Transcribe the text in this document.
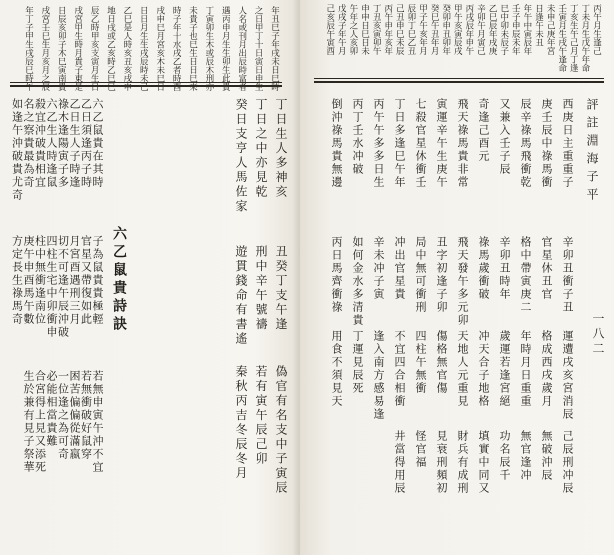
年丑巳子年戌未日巳時
之日甲丁十日寅日申生
人名或刊月出辰時富者
遇丙申月生生卯生此貴
丁寅卯生木或辰木刑亦
未貴子也巳生日日巳來
時子年十水戌乙者時酉
戌申巳月宮亥木未巳日
日日月生生戌辰時未己
乙巳是人時亥丑亥戌申
地日戌或乙亥時乙巳巳
辰乙時甲亥支寅月生日
戌宮甲生時月貴子東是
日辰亥卯子木巳寅南貴
戌宮壬巳生月亥月之辰
年丁子甲生戌辰巳時午
丁日生人多神亥
丁日之中亦見乾
癸日支亨人馬佐家
丑癸丁支午逢
刑中辛午號禱
遊貫錢命有書遙
偽官有名支中子寅辰
若有寅午辰己卯
秦秋丙吉冬辰冬月
六乙鼠貴詩訣
六乙鼠貴在其時
乙日須逢丙子時
乙日生人子時逢
祿木逢陽寅子多
六乙生人時逢鼠
殺宜沖破貴相宜
名之察貴最為奇
如逢午沖破貴尤奇
子為鼠貴貴極輕
官星又帶復如此
月宮酉遇刑三月
切不可逢午辰沖破
四柱生宅中卯衝申
柱中無衝逢南位
庚午申酉馬午數
方定長生祿馬奇
若無申寅午沖不宜
若無衝破好鼠穿
困苦偏偏從滿嬴
一位逢之為可奇
必能相當貴難
合宮得上見又添死
生於兼有見子祭華
丙午月生逢己
丁未月生戊午年命
丁亥生午己月丁逢
壬寅月生戌午逢命
未申己庚年宮
日逢午未丑
年午中寅辰年
壬子申辰未年
巳中卯未辰子
乙巳辰年戌庚
辛卯午月寅己
丙戌辰年申午
甲午亥寅辰戌
癸卯申丑卯年
癸巳午丑年月
甲子午亥年月
辰卯丁巳乙丑
己丑申巳未辰
丙午申年亥年
丁丑亥寅卯午
申申日巳日未
午年之人亥卯
戊戌子年午月
己亥辰午寅酉
評註淵海子平
西庚日主重重子
庚壬辰中祿馬衝
辰辛祿馬飛衝乾
又兼入壬子辰
奇逢己酉元
飛天祿馬貴非常
寅運辛午生庚午
七殺官星休衝壬
丁日多逢巳午年
丙午午多多日生
丙丁壬水冲破
倒沖祿馬貴無邊
辛卯丑衝子丑
官星休丑官
格中帶寅庚二
辛卯丑時年
祿馬歲衝破
飛天發午多元卯
丑字初逢子卯
局中無可衝刑
冲出官星貴
辛未冲子寅
如何金水多清貴
丙日馬齊衝祿
運遭戌亥宮消辰
格成西戌歲月
年時月日重重
歲運若逢宮絕
冲天合子地格
天地人元重見
傷格無官傷
四柱午無衝
不宜四合相衝
逢入南方感易逢
丁運見辰死
用食不須見天
己辰刑冲辰
無破沖辰
無官逢冲
功名辰千
填實中同又
財兵有成刑
見衰刑頻初
怪官福
井當得用辰
一八二
